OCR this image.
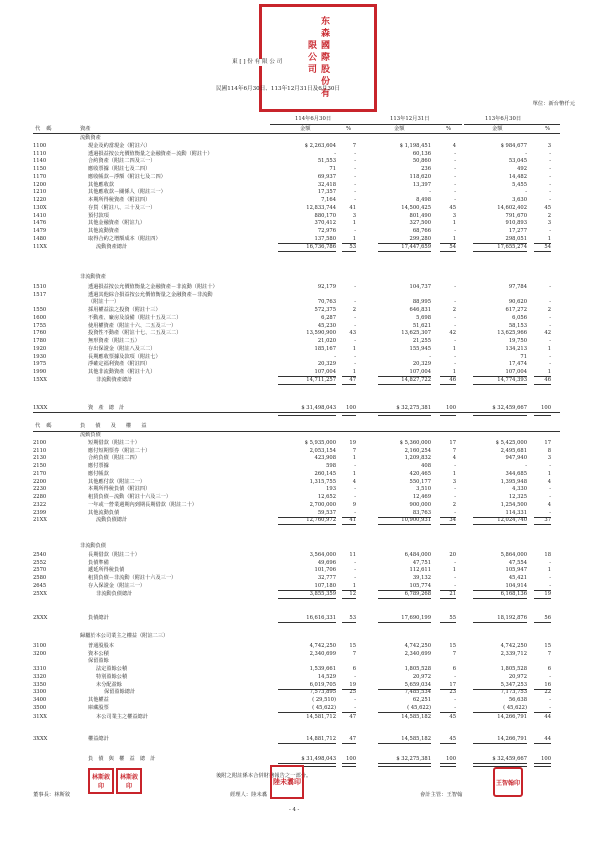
东森國際股份有限公司
東 [ ] 份 有 限 公 司
民國114年6月30日、113年12月31日及6月30日
單位：新台幣仟元
114年6月30日	113年12月31日	113年6月30日
代碼	資產	金額	%	金額	%	金額	%
流動資產
1100	現金及約當現金（附註六）	$ 2,263,604	7	$ 1,198,451	4	$ 984,677	3
1110	透過損益按公允價值衡量之金融資產－流動（附註十）	-	-	60,136	-	-	-
1140	合約資產（附註二四及三一）	51,553	-	50,860	-	53,045	-
1150	應收票據（附註七及二四）	71	-	236	-	492	-
1170	應收帳款－淨額（附註七及二四）	69,937	-	118,620	-	14,482	-
1200	其他應收款	32,418	-	13,397	-	5,455	-
1210	其他應收款－關係人（附註三一）	17,357	-	-	-	-	-
1220	本期所得稅資產（附註四）	7,164	-	8,498	-	3,630	-
130X	存貨（附註八、三十及三一）	12,833,744	41	14,500,425	45	14,602,402	45
1410	預付款項	880,170	3	801,490	3	791,670	2
1476	其他金融資產（附註九）	370,412	1	327,500	1	910,893	3
1479	其他流動資產	72,976	-	68,766	-	17,277	-
1480	取得合約之增額成本（附註四）	137,580	1	299,280	1	298,051	1
11XX	流動資產總計	16,736,786	53	17,447,659	54	17,655,274	54
非流動資產
1510	透過損益按公允價值衡量之金融資產－非流動（附註十）	92,179	-	104,737	-	97,784	-
1517	透過其他綜合損益按公允價值衡量之金融資產－非流動
（附註十一）	70,763	-	88,995	-	90,620	-
1550	採用權益法之投資（附註十三）	572,375	2	646,831	2	617,272	2
1600	不動產、廠房及設備（附註十五及三二）	6,287	-	5,698	-	6,056	-
1755	使用權資產（附註十六、二五及三一）	45,230	-	51,621	-	58,153	-
1760	投資性不動產（附註十七、二五及三二）	13,590,900	43	13,625,307	42	13,625,966	42
1780	無形資產（附註二五）	21,020	-	21,255	-	19,750	-
1920	存出保證金（附註八及三二）	185,167	1	155,945	1	134,213	1
1930	長期應收票據及款項（附註七）	-	-	-	-	71	-
1975	淨確定福利資產（附註四）	20,329	-	20,329	-	17,474	-
1990	其他非流動資產（附註十九）	107,004	1	107,004	1	107,004	1
15XX	非流動資產總計	14,711,257	47	14,827,722	46	14,774,393	46
1XXX	資　產　總　計	$ 31,498,043	100	$ 32,275,381	100	$ 32,459,667	100
流動負債
2100	短期借款（附註二十）	$ 5,935,000	19	$ 5,360,000	17	$ 5,425,000	17
2110	應付短期票券（附註二十）	2,053,154	7	2,160,254	7	2,495,681	8
2130	合約負債（附註二四）	423,908	1	1,209,832	4	947,940	3
2150	應付票據	598	-	408	-	-	-
2170	應付帳款	260,145	1	420,465	1	344,685	1
2200	其他應付款（附註二一）	1,315,755	4	550,177	3	1,395,948	4
2230	本期所得稅負債（附註四）	193	-	3,510	-	4,330	-
2280	租賃負債－流動（附註十六及三一）	12,652	-	12,469	-	12,325	-
2322	一年或一營業週期內到期長期借款（附註二十）	2,700,000	9	900,000	2	1,254,500	4
2399	其他流動負債	59,537	-	83,763	-	114,331	-
21XX	流動負債總計	12,760,972	41	10,900,931	34	12,024,740	37
非流動負債
2540	長期借款（附註二十）	3,564,000	11	6,484,000	20	5,864,000	18
2552	負債準備	49,696	-	47,751	-	47,554	-
2570	遞延所得稅負債	101,706	-	112,611	1	105,947	1
2580	租賃負債－非流動（附註十六及三一）	32,777	-	39,132	-	45,421	-
2645	存入保證金（附註三一）	107,180	1	105,774	-	104,914	-
25XX	非流動負債總計	3,855,359	12	6,789,268	21	6,168,136	19
2XXX	負債總計	16,616,331	53	17,690,199	55	18,192,876	56
歸屬於本公司業主之權益（附註二三）
3100	普通股股本	4,742,250	15	4,742,250	15	4,742,250	15
3200	資本公積	2,340,699	7	2,340,699	7	2,339,712	7
保留盈餘
3310	法定盈餘公積	1,539,661	6	1,805,528	6	1,805,528	6
3320	特別盈餘公積	14,529	-	20,972	-	20,972	-
3350	未分配盈餘	6,019,705	19	5,659,034	17	5,347,253	16
3300	保留盈餘總計	7,573,895	25	7,485,534	23	7,173,753	22
3400	其他權益	( 29,510)	-	62,251	-	56,638	-
3500	庫藏股票	( 45,622)	-	( 45,622)	-	( 45,622)	-
31XX	本公司業主之權益總計	14,581,712	47	14,585,182	45	14,266,791	44
3XXX	權益總計	14,881,712	47	14,585,182	45	14,266,791	44
負　債　與　權　益　總　計	$ 31,498,043	100	$ 32,275,381	100	$ 32,459,667	100
代碼	負債及權益
後附之附註係本合併財務報告之一部分。
董事長：林斯敘	經理人：陸未翥	會計主管：王智翰
- 4 -
林斯敘印
林斯敘印
陸未翥印	王智翰印
